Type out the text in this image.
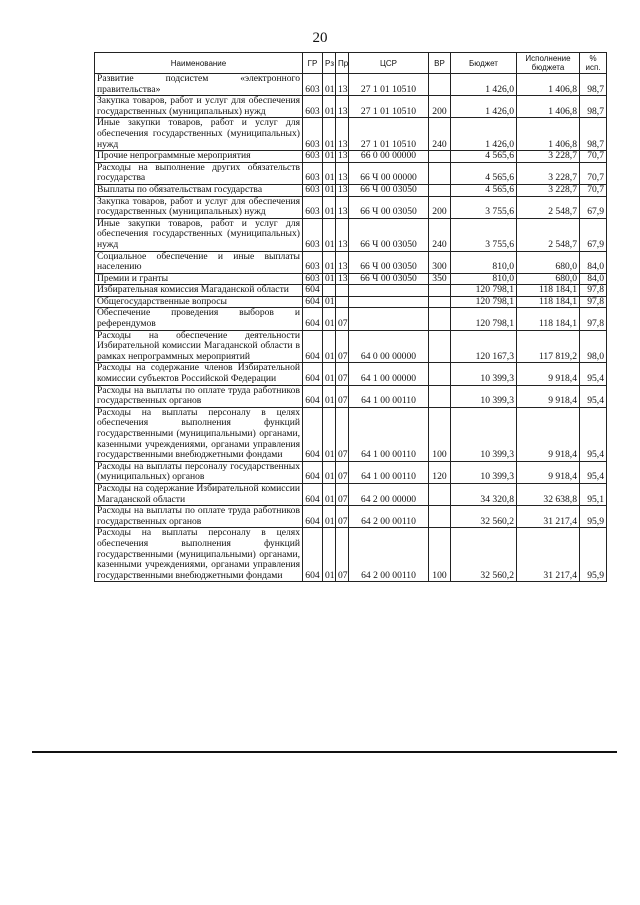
20
Наименование	ГР	Рз	Пр	ЦСР	ВР	Бюджет	Исполнение бюджета	% исп.
Развитие подсистем «электронного правительства»	603	01	13	27 1 01 10510		1 426,0	1 406,8	98,7
Закупка товаров, работ и услуг для обеспечения государственных (муниципальных) нужд	603	01	13	27 1 01 10510	200	1 426,0	1 406,8	98,7
Иные закупки товаров, работ и услуг для обеспечения государственных (муниципальных) нужд	603	01	13	27 1 01 10510	240	1 426,0	1 406,8	98,7
Прочие непрограммные мероприятия	603	01	13	66 0 00 00000		4 565,6	3 228,7	70,7
Расходы на выполнение других обязательств государства	603	01	13	66 Ч 00 00000		4 565,6	3 228,7	70,7
Выплаты по обязательствам государства	603	01	13	66 Ч 00 03050		4 565,6	3 228,7	70,7
Закупка товаров, работ и услуг для обеспечения государственных (муниципальных) нужд	603	01	13	66 Ч 00 03050	200	3 755,6	2 548,7	67,9
Иные закупки товаров, работ и услуг для обеспечения государственных (муниципальных) нужд	603	01	13	66 Ч 00 03050	240	3 755,6	2 548,7	67,9
Социальное обеспечение и иные выплаты населению	603	01	13	66 Ч 00 03050	300	810,0	680,0	84,0
Премии и гранты	603	01	13	66 Ч 00 03050	350	810,0	680,0	84,0
Избирательная комиссия Магаданской области	604					120 798,1	118 184,1	97,8
Общегосударственные вопросы	604	01				120 798,1	118 184,1	97,8
Обеспечение проведения выборов и референдумов	604	01	07			120 798,1	118 184,1	97,8
Расходы на обеспечение деятельности Избирательной комиссии Магаданской области в рамках непрограммных мероприятий	604	01	07	64 0 00 00000		120 167,3	117 819,2	98,0
Расходы на содержание членов Избирательной комиссии субъектов Российской Федерации	604	01	07	64 1 00 00000		10 399,3	9 918,4	95,4
Расходы на выплаты по оплате труда работников государственных органов	604	01	07	64 1 00 00110		10 399,3	9 918,4	95,4
Расходы на выплаты персоналу в целях обеспечения выполнения функций государственными (муниципальными) органами, казенными учреждениями, органами управления государственными внебюджетными фондами	604	01	07	64 1 00 00110	100	10 399,3	9 918,4	95,4
Расходы на выплаты персоналу государственных (муниципальных) органов	604	01	07	64 1 00 00110	120	10 399,3	9 918,4	95,4
Расходы на содержание Избирательной комиссии Магаданской области	604	01	07	64 2 00 00000		34 320,8	32 638,8	95,1
Расходы на выплаты по оплате труда работников государственных органов	604	01	07	64 2 00 00110		32 560,2	31 217,4	95,9
Расходы на выплаты персоналу в целях обеспечения выполнения функций государственными (муниципальными) органами, казенными учреждениями, органами управления государственными внебюджетными фондами	604	01	07	64 2 00 00110	100	32 560,2	31 217,4	95,9
